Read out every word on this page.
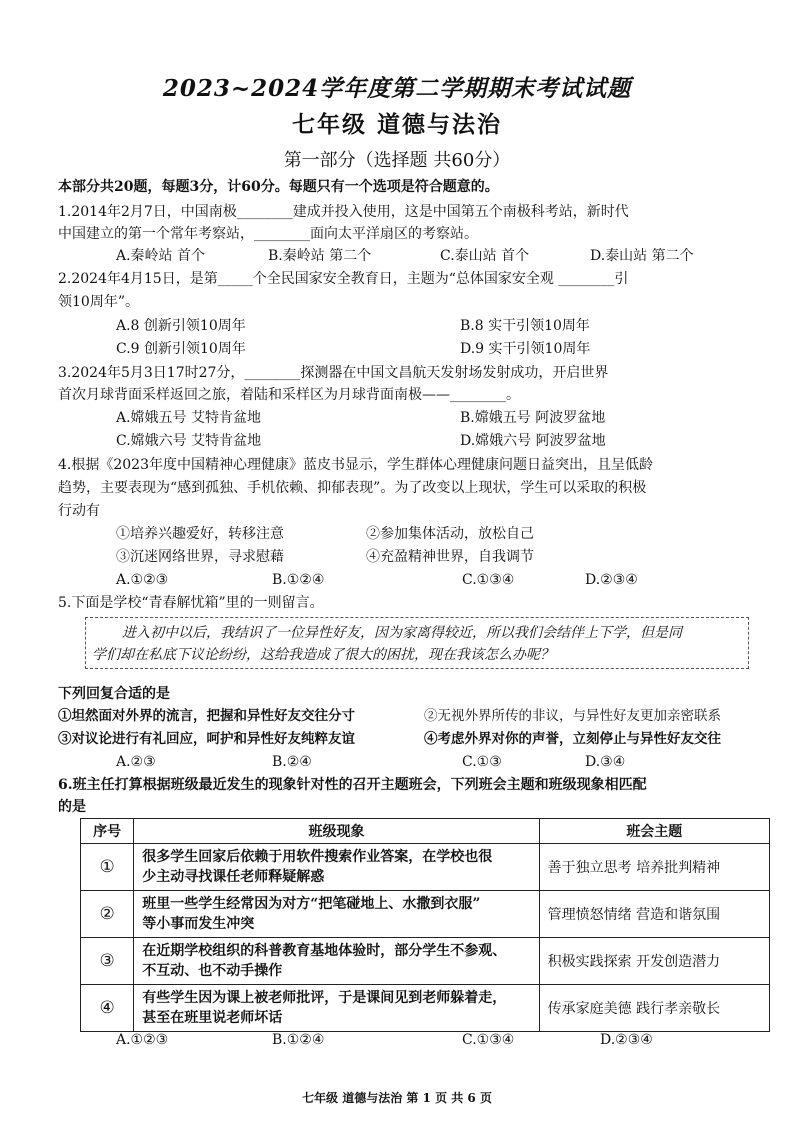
2023~2024学年度第二学期期末考试试题
七年级 道德与法治
第一部分（选择题 共60分）
本部分共20题，每题3分，计60分。每题只有一个选项是符合题意的。
1.2014年2月7日，中国南极________建成并投入使用，这是中国第五个南极科考站，新时代
中国建立的第一个常年考察站，________面向太平洋扇区的考察站。
A.秦岭站 首个	B.秦岭站 第二个	C.泰山站 首个	D.泰山站 第二个
2.2024年4月15日，是第_____个全民国家安全教育日，主题为“总体国家安全观 ________引
领10周年”。
A.8 创新引领10周年	B.8 实干引领10周年
C.9 创新引领10周年	D.9 实干引领10周年
3.2024年5月3日17时27分，________探测器在中国文昌航天发射场发射成功，开启世界
首次月球背面采样返回之旅，着陆和采样区为月球背面南极——________。
A.嫦娥五号 艾特肯盆地	B.嫦娥五号 阿波罗盆地
C.嫦娥六号 艾特肯盆地	D.嫦娥六号 阿波罗盆地
4.根据《2023年度中国精神心理健康》蓝皮书显示，学生群体心理健康问题日益突出，且呈低龄
趋势，主要表现为“感到孤独、手机依赖、抑郁表现”。为了改变以上现状，学生可以采取的积极
行动有
①培养兴趣爱好，转移注意	②参加集体活动，放松自己
③沉迷网络世界，寻求慰藉	④充盈精神世界，自我调节
A.①②③	B.①②④	C.①③④	D.②③④
5.下面是学校“青春解忧箱”里的一则留言。
进入初中以后，我结识了一位异性好友，因为家离得较近，所以我们会结伴上下学，但是同
学们却在私底下议论纷纷，这给我造成了很大的困扰，现在我该怎么办呢？
下列回复合适的是
①坦然面对外界的流言，把握和异性好友交往分寸	②无视外界所传的非议，与异性好友更加亲密联系
③对议论进行有礼回应，呵护和异性好友纯粹友谊	④考虑外界对你的声誉，立刻停止与异性好友交往
A.②③	B.②④	C.①③	D.③④
6.班主任打算根据班级最近发生的现象针对性的召开主题班会，下列班会主题和班级现象相匹配
的是
序号	班级现象	班会主题
①	很多学生回家后依赖于用软件搜索作业答案，在学校也很
少主动寻找课任老师释疑解惑	善于独立思考 培养批判精神
②	班里一些学生经常因为对方“把笔碰地上、水撒到衣服”
等小事而发生冲突	管理愤怒情绪 营造和谐氛围
③	在近期学校组织的科普教育基地体验时，部分学生不参观、
不互动、也不动手操作	积极实践探索 开发创造潜力
④	有些学生因为课上被老师批评，于是课间见到老师躲着走，
甚至在班里说老师坏话	传承家庭美德 践行孝亲敬长
A.①②③	B.①②④	C.①③④	D.②③④
七年级 道德与法治 第 1 页 共 6 页
